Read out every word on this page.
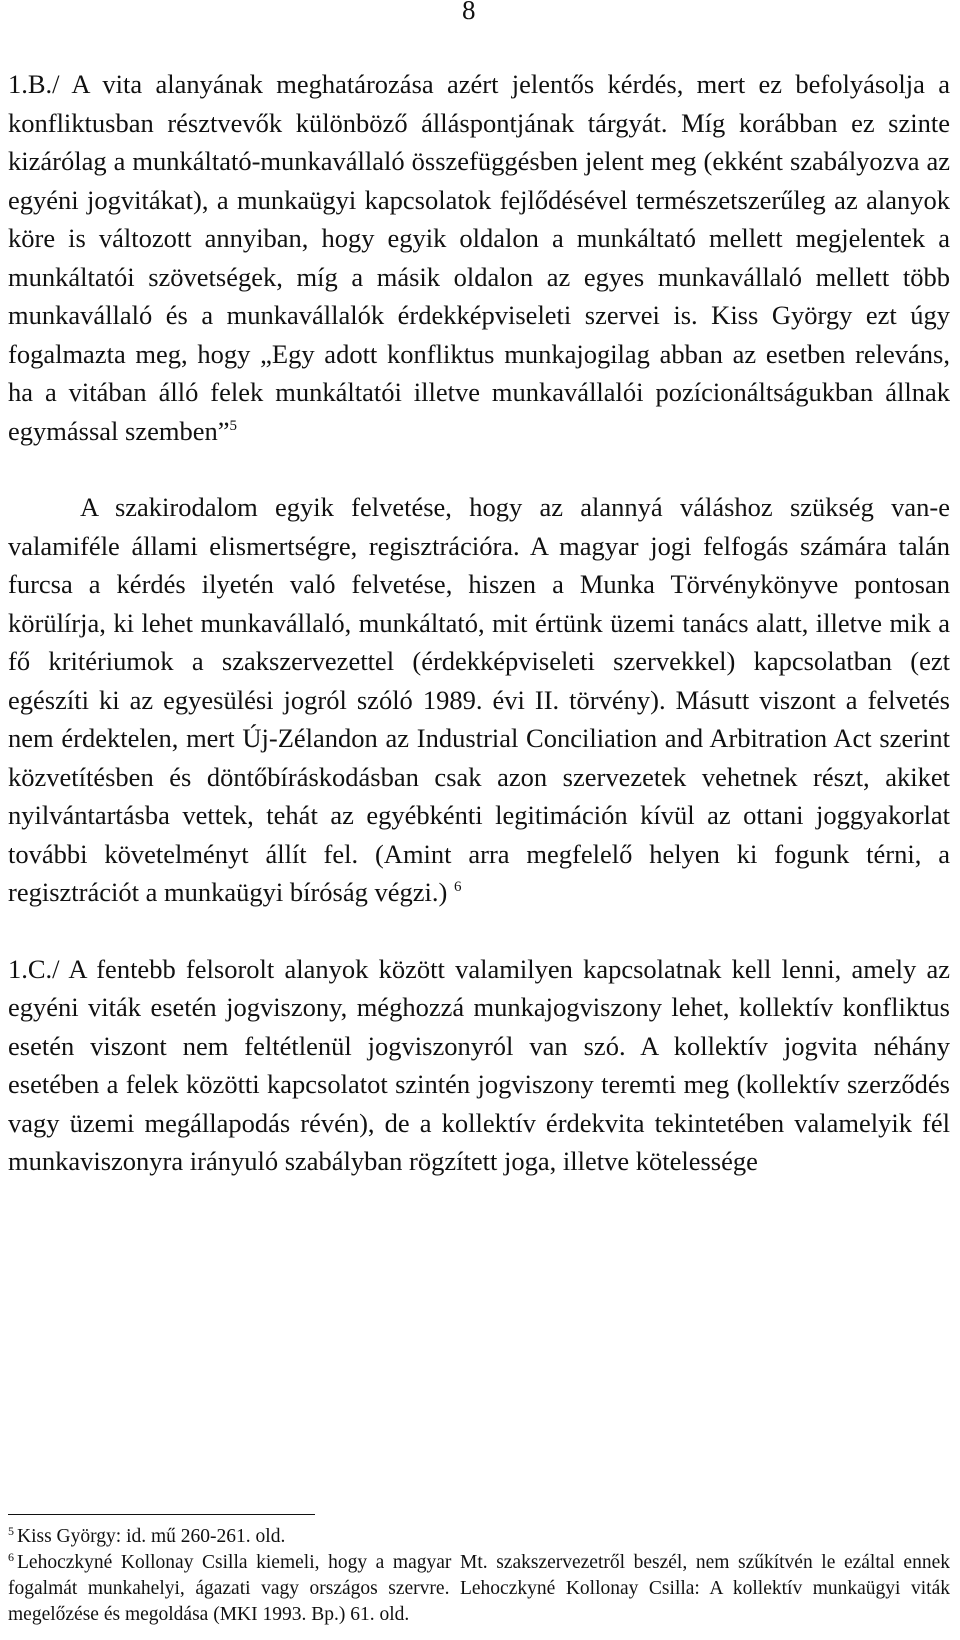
8

1.B./ A vita alanyának meghatározása azért jelentős kérdés, mert ez befolyásolja a konfliktusban résztvevők különböző álláspontjának tárgyát. Míg korábban ez szinte kizárólag a munkáltató-munkavállaló összefüggésben jelent meg (ekként szabályozva az egyéni jogvitákat), a munkaügyi kapcsolatok fejlődésével természetszerűleg az alanyok köre is változott annyiban, hogy egyik oldalon a munkáltató mellett megjelentek a munkáltatói szövetségek, míg a másik oldalon az egyes munkavállaló mellett több munkavállaló és a munkavállalók érdekképviseleti szervei is. Kiss György ezt úgy fogalmazta meg, hogy „Egy adott konfliktus munkajogilag abban az esetben releváns, ha a vitában álló felek munkáltatói illetve munkavállalói pozícionáltságukban állnak egymással szemben”$^5$

A szakirodalom egyik felvetése, hogy az alannyá váláshoz szükség van-e valamiféle állami elismertségre, regisztrációra. A magyar jogi felfogás számára talán furcsa a kérdés ilyetén való felvetése, hiszen a Munka Törvénykönyve pontosan körülírja, ki lehet munkavállaló, munkáltató, mit értünk üzemi tanács alatt, illetve mik a fő kritériumok a szakszervezettel (érdekképviseleti szervekkel) kapcsolatban (ezt egészíti ki az egyesülési jogról szóló 1989. évi II. törvény). Másutt viszont a felvetés nem érdektelen, mert Új-Zélandon az Industrial Conciliation and Arbitration Act szerint közvetítésben és döntőbíráskodásban csak azon szervezetek vehetnek részt, akiket nyilvántartásba vettek, tehát az egyébkénti legitimáción kívül az ottani joggyakorlat további követelményt állít fel. (Amint arra megfelelő helyen ki fogunk térni, a regisztrációt a munkaügyi bíróság végzi.) $^6$

1.C./ A fentebb felsorolt alanyok között valamilyen kapcsolatnak kell lenni, amely az egyéni viták esetén jogviszony, méghozzá munkajogviszony lehet, kollektív konfliktus esetén viszont nem feltétlenül jogviszonyról van szó. A kollektív jogvita néhány esetében a felek közötti kapcsolatot szintén jogviszony teremti meg (kollektív szerződés vagy üzemi megállapodás révén), de a kollektív érdekvita tekintetében valamelyik fél munkaviszonyra irányuló szabályban rögzített joga, illetve kötelessége

$^5$ Kiss György: id. mű 260-261. old.

$^6$ Lehoczkyné Kollonay Csilla kiemeli, hogy a magyar Mt. szakszervezetről beszél, nem szűkítvén le ezáltal ennek fogalmát munkahelyi, ágazati vagy országos szervre. Lehoczkyné Kollonay Csilla: A kollektív munkaügyi viták megelőzése és megoldása (MKI 1993. Bp.) 61. old.
